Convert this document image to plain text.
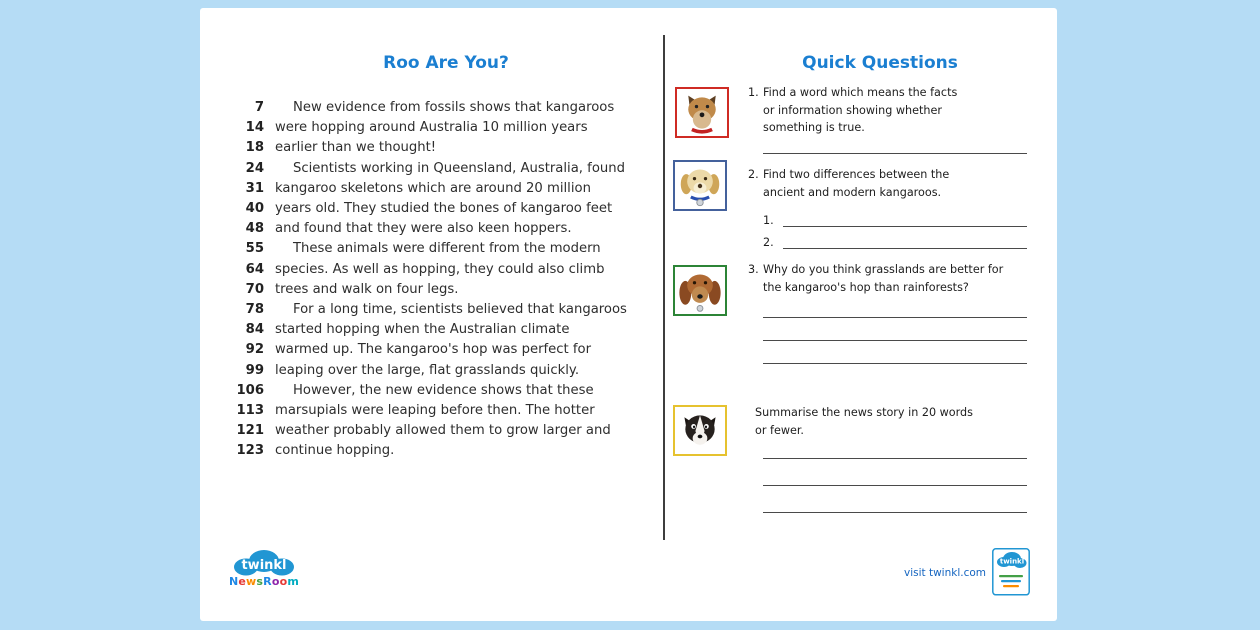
Roo Are You?
7	New evidence from fossils shows that kangaroos
14 were hopping around Australia 10 million years
18 earlier than we thought!
24	Scientists working in Queensland, Australia, found
31 kangaroo skeletons which are around 20 million
40 years old. They studied the bones of kangaroo feet
48 and found that they were also keen hoppers.
55	These animals were different from the modern
64 species. As well as hopping, they could also climb
70 trees and walk on four legs.
78	For a long time, scientists believed that kangaroos
84 started hopping when the Australian climate
92 warmed up. The kangaroo's hop was perfect for
99 leaping over the large, flat grasslands quickly.
106	However, the new evidence shows that these
113 marsupials were leaping before then. The hotter
121 weather probably allowed them to grow larger and
123 continue hopping.
Quick Questions
1. Find a word which means the facts or information showing whether something is true.
2. Find two differences between the ancient and modern kangaroos.
1.
2.
3. Why do you think grasslands are better for the kangaroo's hop than rainforests?
Summarise the news story in 20 words or fewer.
twinkl
NewsRoom
visit twinkl.com
twinkl
